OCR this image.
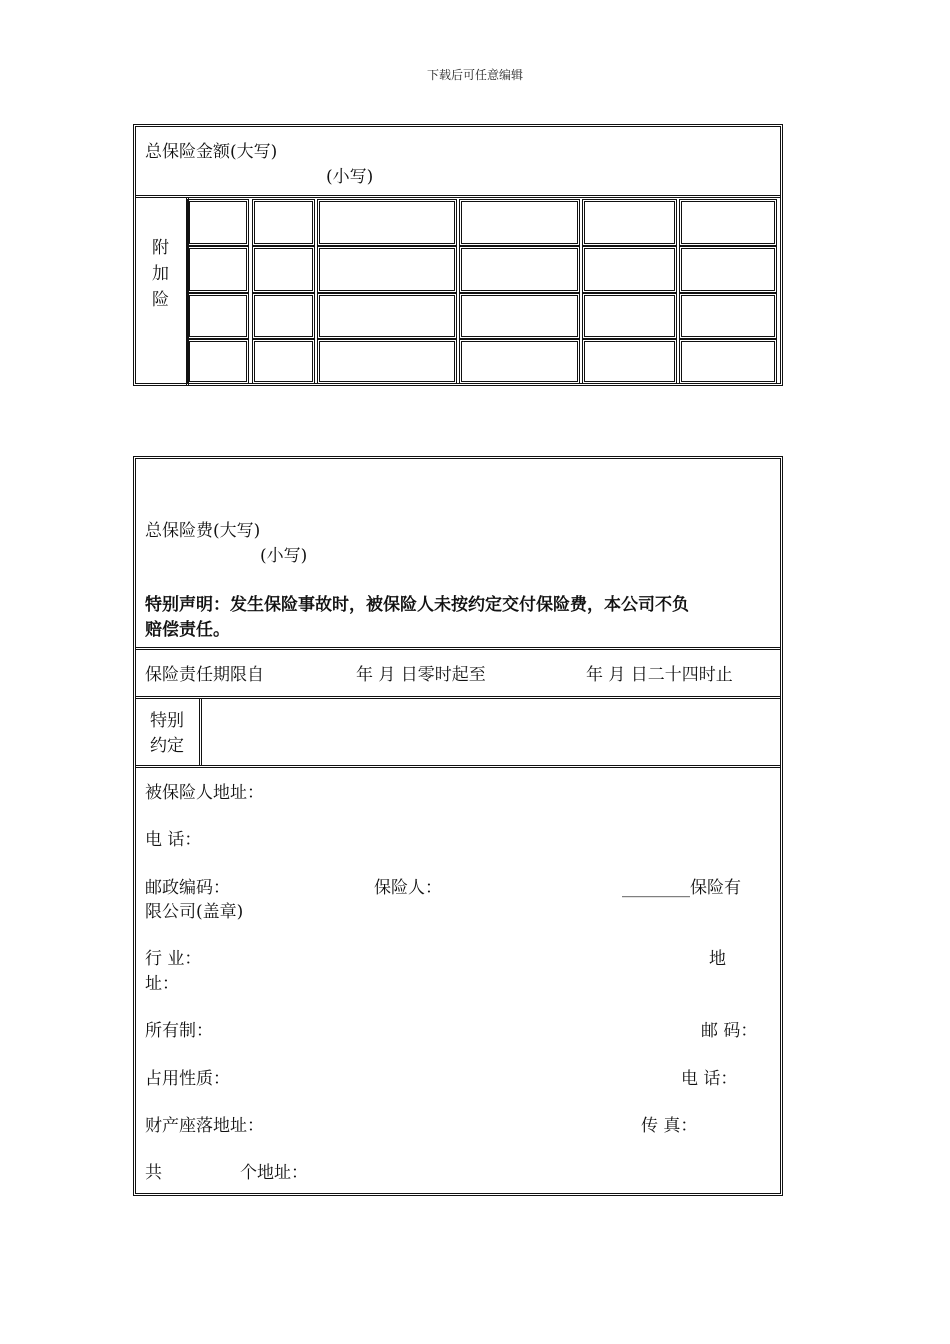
下载后可任意编辑
总保险金额(大写)
(小写)
附
加
险
总保险费(大写)
(小写)
特别声明：发生保险事故时，被保险人未按约定交付保险费，本公司不负
赔偿责任。
保险责任期限自	年 月 日零时起至	年 月 日二十四时止
特别
约定
被保险人地址：
电 话：
邮政编码：	保险人：	________保险有
限公司(盖章)
行 业：	地
址：
所有制：	邮 码：
占用性质：	电 话：
财产座落地址：	传 真：
共	个地址：
